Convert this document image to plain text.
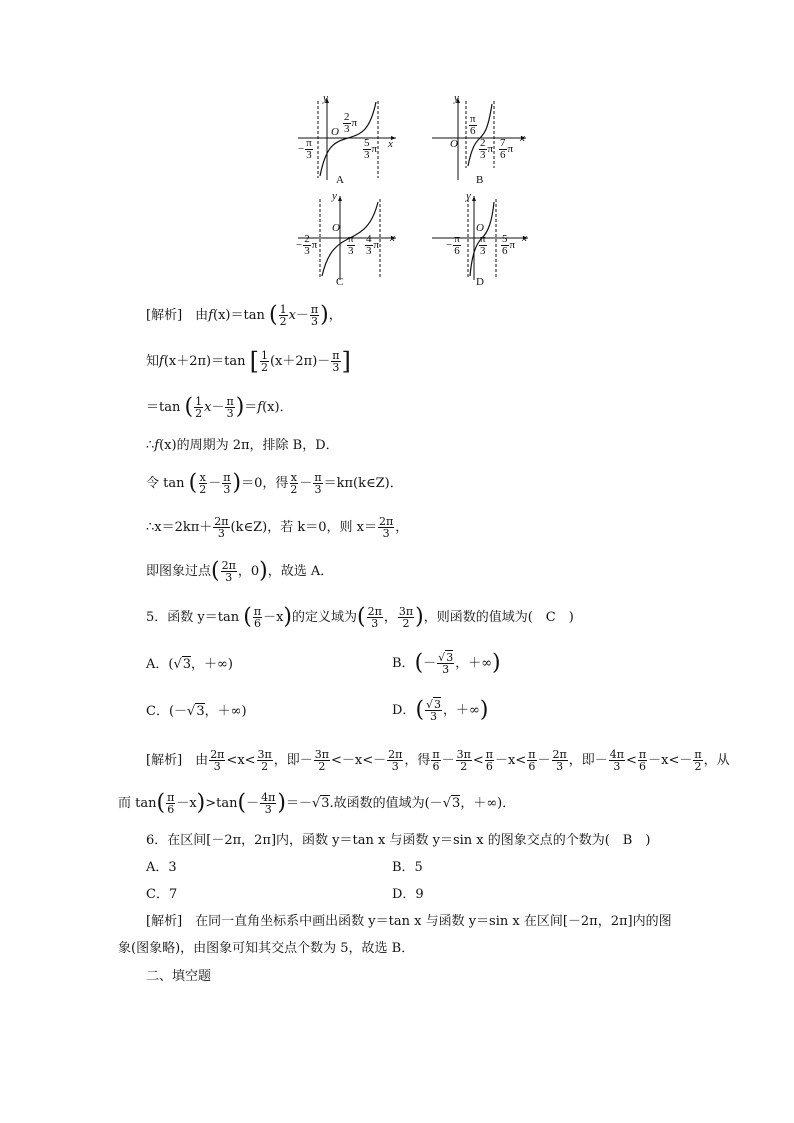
y
O
x
− $\frac{\pi}{3}$
$\frac{2}{3}$ π
$\frac{5}{3}$ π
A
y
O	x
$\frac{\pi}{6}$
$\frac{2}{3}$ π $\frac{7}{6}$ π
B
y
O
x
− $\frac{2}{3}$ π	$\frac{\pi}{3} \frac{4}{3}$ π
C
y
O
x
− $\frac{\pi}{6} \frac{\pi}{3} \frac{5}{6}$ π
D
[解析]　 由f(x)＝tan ( $\frac{1}{2} x- \frac{\pi}{3}$ )，
知f(x＋2π)＝tan [ $\frac{1}{2} (x+2\pi)- \frac{\pi}{3}$ ]
＝tan ( $\frac{1}{2} x- \frac{\pi}{3} )=f(x)$．
∴f(x)的周期为 2π，排除 B，D．
令 tan ( $\frac{x}{2} - \frac{\pi}{3} )=0$，得 $\frac{x}{2} - \frac{\pi}{3}$ ＝kπ(k∈Z)．
∴x＝2kπ＋ $\frac{2\pi}{3}$ (k∈Z)，若 k＝0，则 $x= \frac{2\pi}{3}$ ，
即图象过点( $\frac{2\pi}{3}$ ，0)，故选 A．
5．函数 y＝tan ( $\frac{\pi}{6} -x$)的定义域为( $\frac{2\pi}{3}$ ， $\frac{3\pi}{2}$ )，则函数的值域为(　C　)
A．(√3，＋∞)	B．(－ $\frac{√3}{3}$ ，＋∞)
C．(－√3，＋∞)	D．( $\frac{√3}{3}$ ，＋∞)
[解析]　 由 $\frac{2\pi}{3} <x< \frac{3\pi}{2}$ ，即－ $\frac{3\pi}{2} <-x<- \frac{2\pi}{3}$ ，得 $\frac{\pi}{6} - \frac{3\pi}{2} < \frac{\pi}{6} -x< \frac{\pi}{6} - \frac{2\pi}{3}$ ，即－ $\frac{4\pi}{3} < \frac{\pi}{6} -x<- \frac{\pi}{2}$ ，从
而 $\tan( \frac{\pi}{6} -x)>\tan(- \frac{4\pi}{3} )=-√3$.故函数的值域为(－√3，＋∞)．
6．在区间[－2π，2π]内，函数 y＝tan x 与函数 y＝sin x 的图象交点的个数为(　B　)
A．3	B．5
C．7	D．9
[解析]　在同一直角坐标系中画出函数 y＝tan x 与函数 y＝sin x 在区间[－2π，2π]内的图
象(图象略)，由图象可知其交点个数为 5，故选 B．
二、填空题
